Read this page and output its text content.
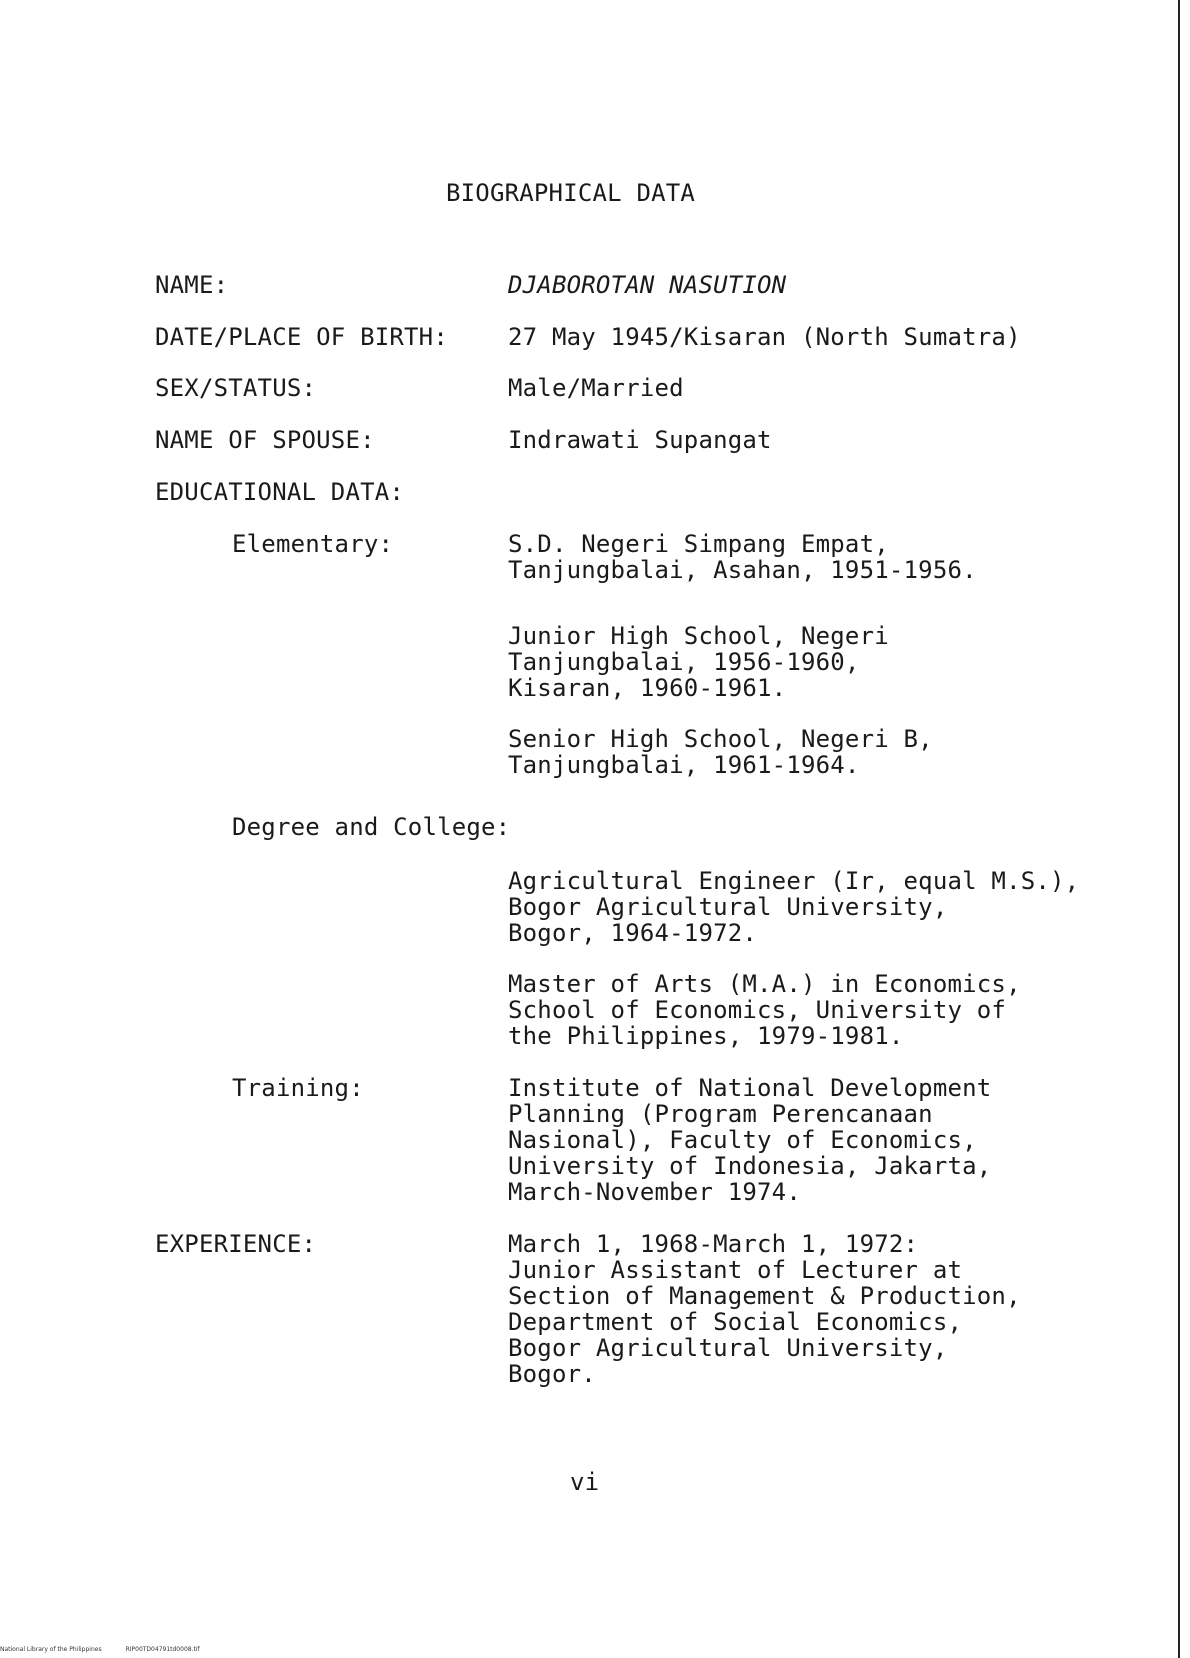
BIOGRAPHICAL DATA
NAME:	DJABOROTAN NASUTION
DATE/PLACE OF BIRTH:	27 May 1945/Kisaran (North Sumatra)
SEX/STATUS:	Male/Married
NAME OF SPOUSE:	Indrawati Supangat
EDUCATIONAL DATA:
Elementary:	S.D. Negeri Simpang Empat,
Tanjungbalai, Asahan, 1951-1956.
Junior High School, Negeri
Tanjungbalai, 1956-1960,
Kisaran, 1960-1961.
Senior High School, Negeri B,
Tanjungbalai, 1961-1964.
Degree and College:
Agricultural Engineer (Ir, equal M.S.),
Bogor Agricultural University,
Bogor, 1964-1972.
Master of Arts (M.A.) in Economics,
School of Economics, University of
the Philippines, 1979-1981.
Training:	Institute of National Development
Planning (Program Perencanaan
Nasional), Faculty of Economics,
University of Indonesia, Jakarta,
March-November 1974.
EXPERIENCE:	March 1, 1968-March 1, 1972:
Junior Assistant of Lecturer at
Section of Management & Production,
Department of Social Economics,
Bogor Agricultural University,
Bogor.
vi
National Library of the Philippines	RIP00TD04791td0008.tif
